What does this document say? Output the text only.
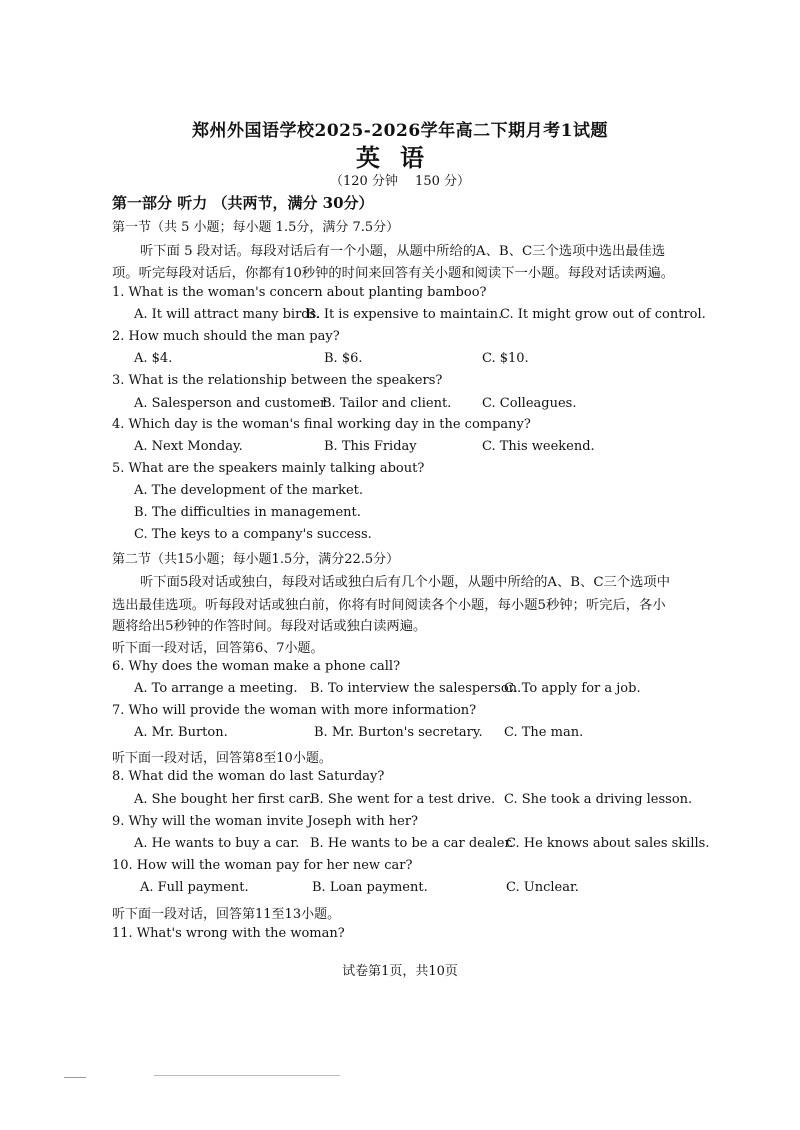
郑州外国语学校2025-2026学年高二下期月考1试题
英语
（120 分钟　 150 分）
第一部分 听力 （共两节，满分 30分）
第一节（共 5 小题；每小题 1.5分，满分 7.5分）
听下面 5 段对话。每段对话后有一个小题，从题中所给的A、B、C三个选项中选出最佳选
项。听完每段对话后，你都有10秒钟的时间来回答有关小题和阅读下一小题。每段对话读两遍。
1. What is the woman's concern about planting bamboo?
A. It will attract many birds.
B. It is expensive to maintain.
C. It might grow out of control.
2. How much should the man pay?
A. $4.	B. $6.	C. $10.
3. What is the relationship between the speakers?
A. Salesperson and customer
B. Tailor and client. C. Colleagues.
4. Which day is the woman's final working day in the company?
A. Next Monday.	B. This Friday	C. This weekend.
5. What are the speakers mainly talking about?
A. The development of the market.
B. The difficulties in management.
C. The keys to a company's success.
第二节（共15小题；每小题1.5分，满分22.5分）
听下面5段对话或独白，每段对话或独白后有几个小题，从题中所给的A、B、C三个选项中
选出最佳选项。听每段对话或独白前，你将有时间阅读各个小题，每小题5秒钟；听完后，各小
题将给出5秒钟的作答时间。每段对话或独白读两遍。
听下面一段对话，回答第6、7小题。
6. Why does the woman make a phone call?
A. To arrange a meeting. B. To interview the salesperson.
C. To apply for a job.
7. Who will provide the woman with more information?
A. Mr. Burton.	B. Mr. Burton's secretary. C. The man.
听下面一段对话，回答第8至10小题。
8. What did the woman do last Saturday?
A. She bought her first car.
B. She went for a test drive. C. She took a driving lesson.
9. Why will the woman invite Joseph with her?
A. He wants to buy a car. B. He wants to be a car dealer.
C. He knows about sales skills.
10. How will the woman pay for her new car?
A. Full payment.	B. Loan payment.	C. Unclear.
听下面一段对话，回答第11至13小题。
11. What's wrong with the woman?
试卷第1页，共10页
